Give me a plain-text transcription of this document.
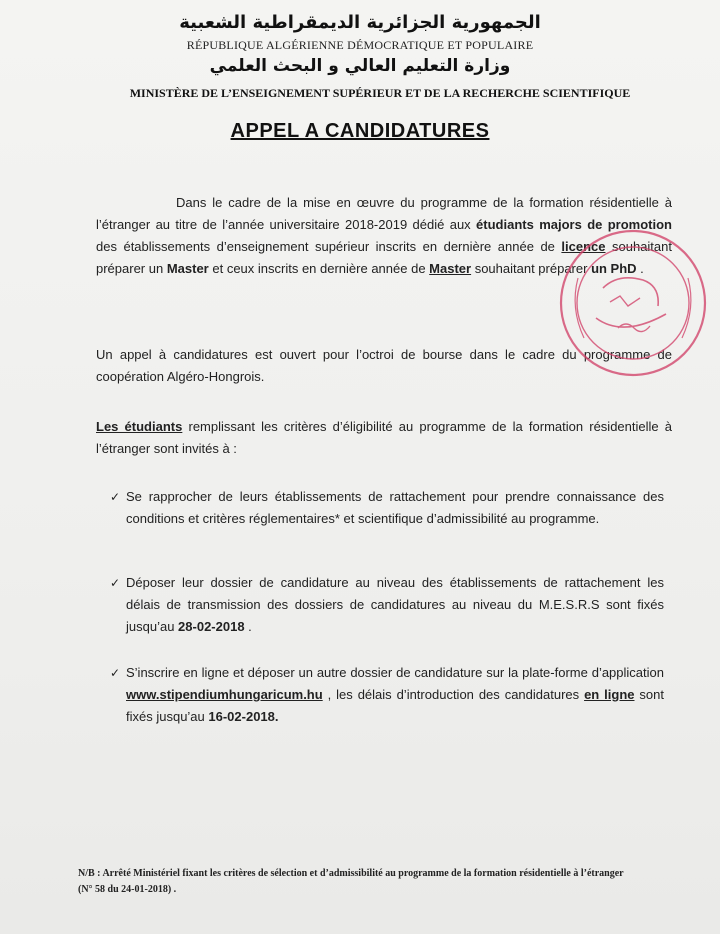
الجمهورية الجزائرية الديمقراطية الشعبية
RÉPUBLIQUE ALGÉRIENNE DÉMOCRATIQUE ET POPULAIRE
وزارة التعليم العالي و البحث العلمي
MINISTÈRE DE L’ENSEIGNEMENT SUPÉRIEUR ET DE LA RECHERCHE SCIENTIFIQUE
APPEL A CANDIDATURES
Dans le cadre de la mise en œuvre du programme de la formation résidentielle à l’étranger au titre de l’année universitaire 2018-2019 dédié aux étudiants majors de promotion des établissements d’enseignement supérieur inscrits en dernière année de licence souhaitant préparer un Master et ceux inscrits en dernière année de Master souhaitant préparer un PhD .
Un appel à candidatures est ouvert pour l’octroi de bourse dans le cadre du programme de coopération Algéro-Hongrois.
Les étudiants remplissant les critères d’éligibilité au programme de la formation résidentielle à l’étranger sont invités à :
✓ Se rapprocher de leurs établissements de rattachement pour prendre connaissance des conditions et critères réglementaires* et scientifique d’admissibilité au programme.
✓ Déposer leur dossier de candidature au niveau des établissements de rattachement les délais de transmission des dossiers de candidatures au niveau du M.E.S.R.S sont fixés jusqu’au 28-02-2018 .
✓ S’inscrire en ligne et déposer un autre dossier de candidature sur la plate-forme d’application www.stipendiumhungaricum.hu , les délais d’introduction des candidatures en ligne sont fixés jusqu’au 16-02-2018.
N/B : Arrêté Ministériel fixant les critères de sélection et d’admissibilité au programme de la formation résidentielle à l’étranger (N° 58 du 24-01-2018) .
